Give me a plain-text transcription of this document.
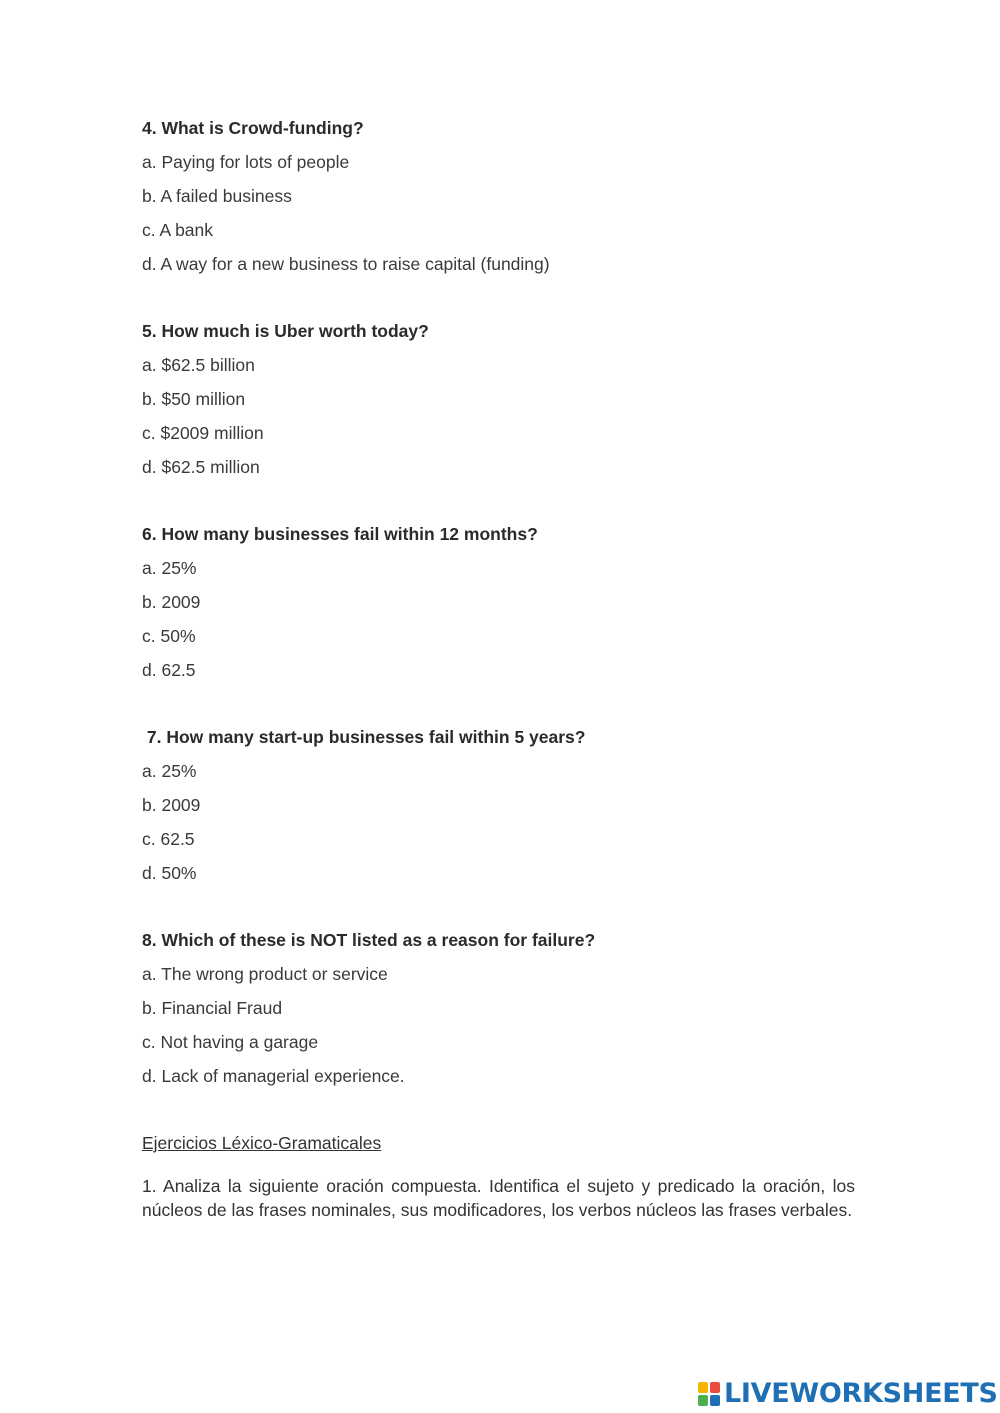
4. What is Crowd-funding?
a. Paying for lots of people
b. A failed business
c. A bank
d. A way for a new business to raise capital (funding)
5. How much is Uber worth today?
a. $62.5 billion
b. $50 million
c. $2009 million
d. $62.5 million
6. How many businesses fail within 12 months?
a. 25%
b. 2009
c. 50%
d. 62.5
7. How many start-up businesses fail within 5 years?
a. 25%
b. 2009
c. 62.5
d. 50%
8. Which of these is NOT listed as a reason for failure?
a. The wrong product or service
b. Financial Fraud
c. Not having a garage
d. Lack of managerial experience.
Ejercicios Léxico-Gramaticales
1. Analiza la siguiente oración compuesta. Identifica el sujeto y predicado la oración, los núcleos de las frases nominales, sus modificadores, los verbos núcleos las frases verbales.
LIVEWORKSHEETS
